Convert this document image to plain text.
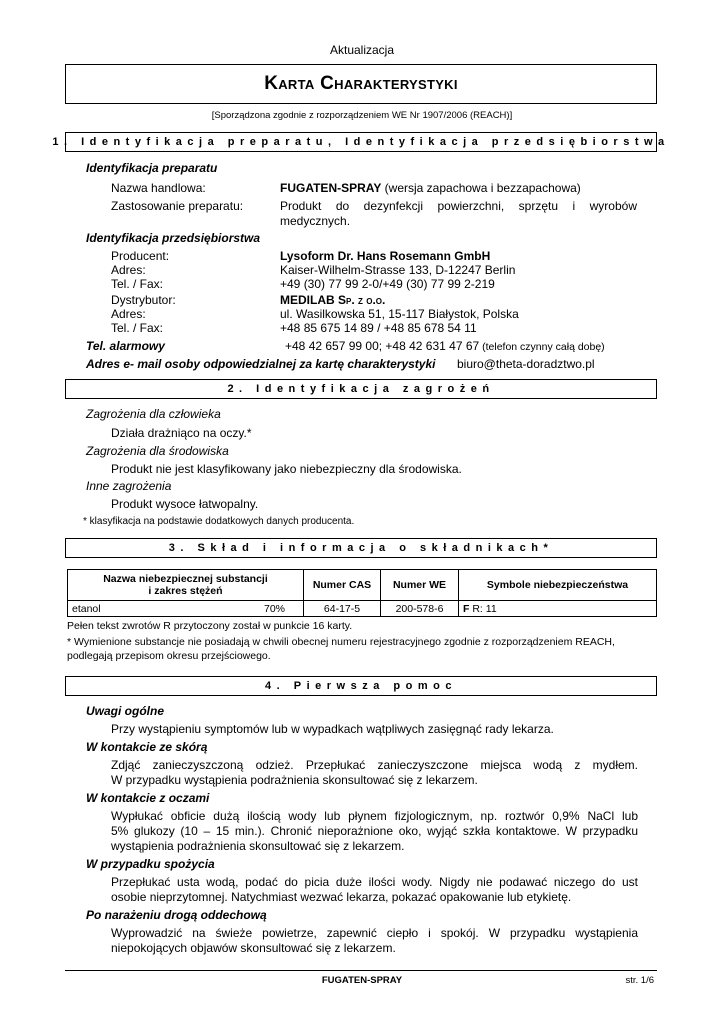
Aktualizacja
Karta Charakterystyki
[Sporządzona zgodnie z rozporządzeniem WE Nr 1907/2006 (REACH)]
1. Identyfikacja preparatu, Identyfikacja przedsiębiorstwa
Identyfikacja preparatu
Nazwa handlowa:	FUGATEN-SPRAY (wersja zapachowa i bezzapachowa)
Zastosowanie preparatu:	Produkt do dezynfekcji powierzchni, sprzętu i wyrobów
medycznych.
Identyfikacja przedsiębiorstwa
Producent:	Lysoform Dr. Hans Rosemann GmbH
Adres:	Kaiser-Wilhelm-Strasse 133, D-12247 Berlin
Tel. / Fax:	+49 (30) 77 99 2-0/+49 (30) 77 99 2-219
Dystrybutor:	MEDILAB Sp. z o.o.
Adres:	ul. Wasilkowska 51, 15-117 Białystok, Polska
Tel. / Fax:	+48 85 675 14 89 / +48 85 678 54 11
Tel. alarmowy	+48 42 657 99 00; +48 42 631 47 67 (telefon czynny całą dobę)
Adres e- mail osoby odpowiedzialnej za kartę charakterystyki biuro@theta-doradztwo.pl
2. Identyfikacja zagrożeń
Zagrożenia dla człowieka
Działa drażniąco na oczy.*
Zagrożenia dla środowiska
Produkt nie jest klasyfikowany jako niebezpieczny dla środowiska.
Inne zagrożenia
Produkt wysoce łatwopalny.
* klasyfikacja na podstawie dodatkowych danych producenta.
3. Skład i informacja o składnikach*
Nazwa niebezpiecznej substancji
i zakres stężeń	Numer CAS	Numer WE	Symbole niebezpieczeństwa
etanol 70%	64-17-5	200-578-6	F R: 11
Pełen tekst zwrotów R przytoczony został w punkcie 16 karty.
* Wymienione substancje nie posiadają w chwili obecnej numeru rejestracyjnego zgodnie z rozporządzeniem REACH,
podlegają przepisom okresu przejściowego.
4. Pierwsza pomoc
Uwagi ogólne
Przy wystąpieniu symptomów lub w wypadkach wątpliwych zasięgnąć rady lekarza.
W kontakcie ze skórą
Zdjąć zanieczyszczoną odzież. Przepłukać zanieczyszczone miejsca wodą z mydłem.
W przypadku wystąpienia podrażnienia skonsultować się z lekarzem.
W kontakcie z oczami
Wypłukać obficie dużą ilością wody lub płynem fizjologicznym, np. roztwór 0,9% NaCl lub
5% glukozy (10 – 15 min.). Chronić nieporażnione oko, wyjąć szkła kontaktowe. W przypadku
wystąpienia podrażnienia skonsultować się z lekarzem.
W przypadku spożycia
Przepłukać usta wodą, podać do picia duże ilości wody. Nigdy nie podawać niczego do ust
osobie nieprzytomnej. Natychmiast wezwać lekarza, pokazać opakowanie lub etykietę.
Po narażeniu drogą oddechową
Wyprowadzić na świeże powietrze, zapewnić ciepło i spokój. W przypadku wystąpienia
niepokojących objawów skonsultować się z lekarzem.
FUGATEN-SPRAY	str. 1/6
